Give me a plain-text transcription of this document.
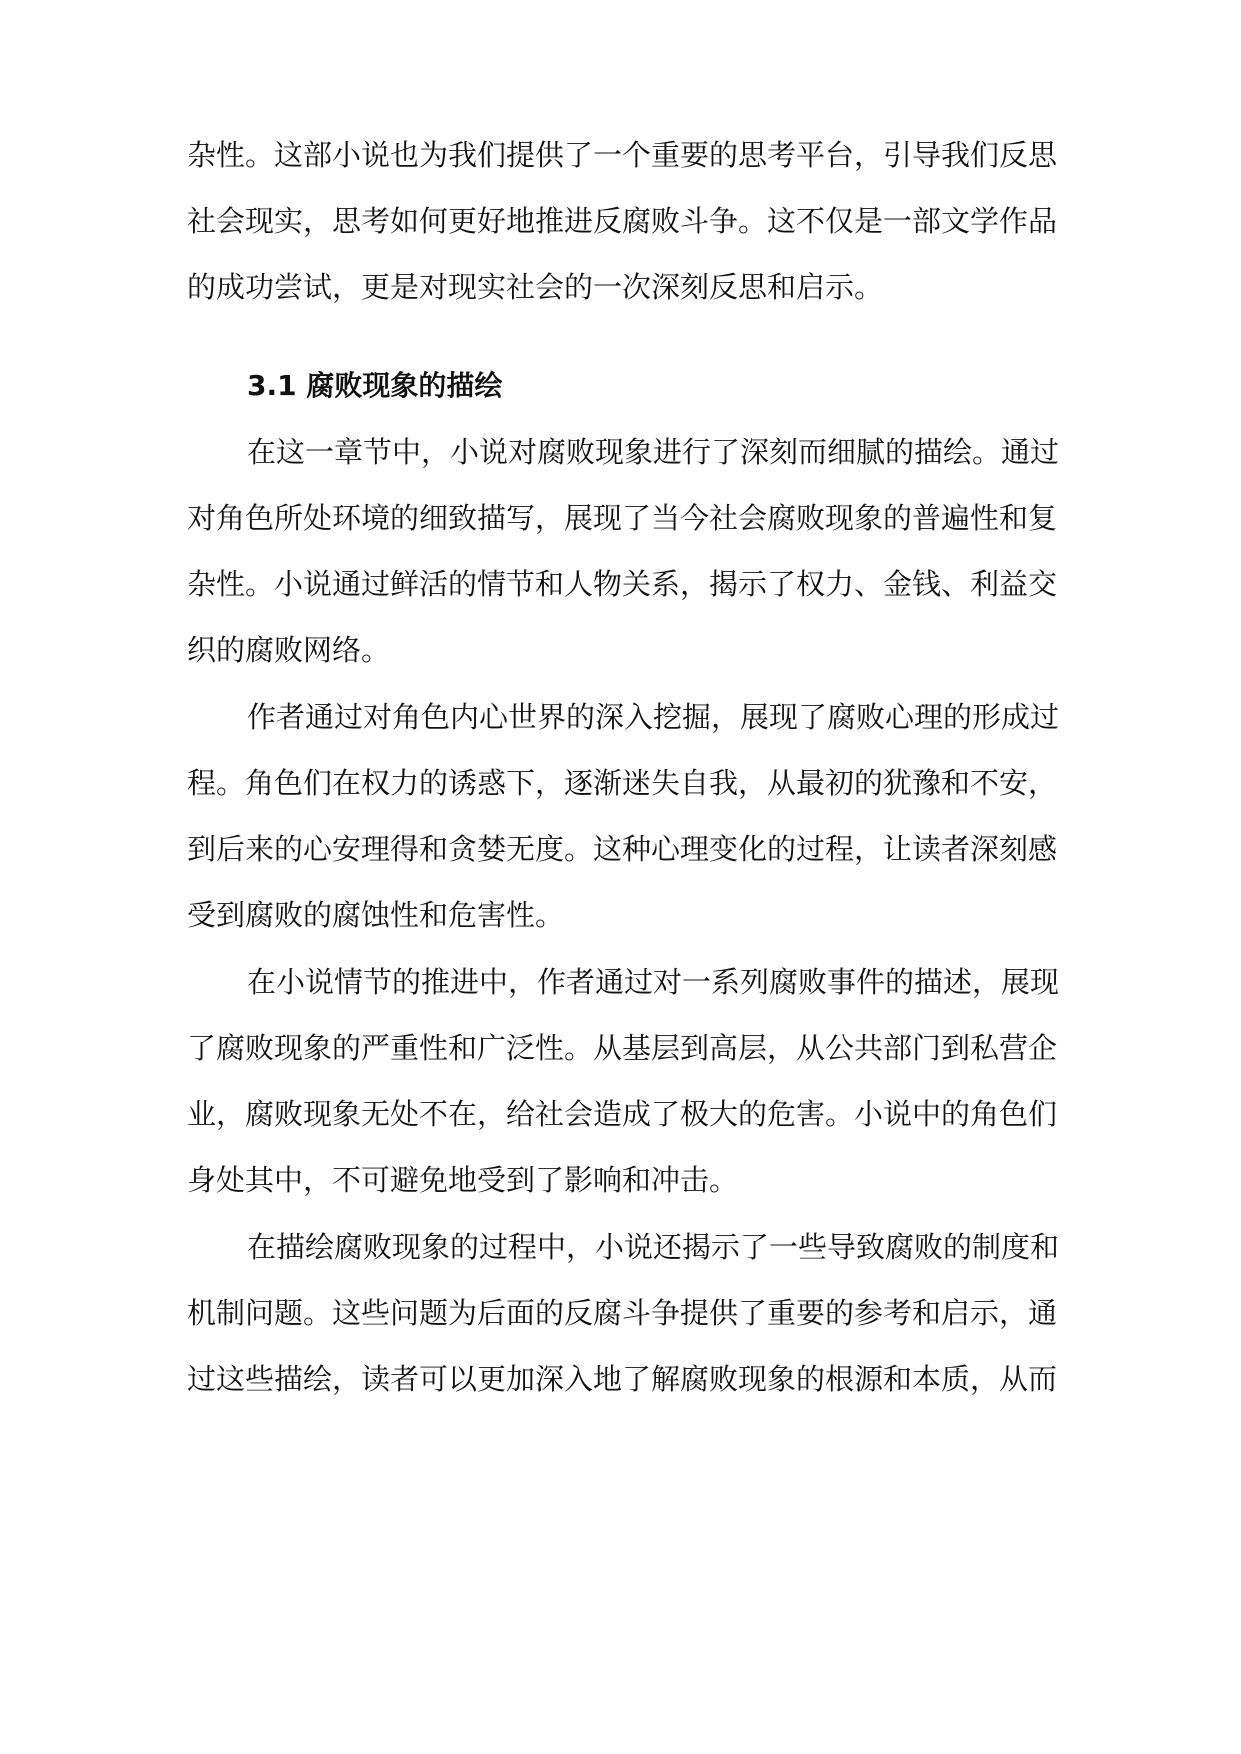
杂性。这部小说也为我们提供了一个重要的思考平台，引导我们反思
社会现实，思考如何更好地推进反腐败斗争。这不仅是一部文学作品
的成功尝试，更是对现实社会的一次深刻反思和启示。
3.1 腐败现象的描绘
在这一章节中，小说对腐败现象进行了深刻而细腻的描绘。通过
对角色所处环境的细致描写，展现了当今社会腐败现象的普遍性和复
杂性。小说通过鲜活的情节和人物关系，揭示了权力、金钱、利益交
织的腐败网络。
作者通过对角色内心世界的深入挖掘，展现了腐败心理的形成过
程。角色们在权力的诱惑下，逐渐迷失自我，从最初的犹豫和不安，
到后来的心安理得和贪婪无度。这种心理变化的过程，让读者深刻感
受到腐败的腐蚀性和危害性。
在小说情节的推进中，作者通过对一系列腐败事件的描述，展现
了腐败现象的严重性和广泛性。从基层到高层，从公共部门到私营企
业，腐败现象无处不在，给社会造成了极大的危害。小说中的角色们
身处其中，不可避免地受到了影响和冲击。
在描绘腐败现象的过程中，小说还揭示了一些导致腐败的制度和
机制问题。这些问题为后面的反腐斗争提供了重要的参考和启示，通
过这些描绘，读者可以更加深入地了解腐败现象的根源和本质，从而
